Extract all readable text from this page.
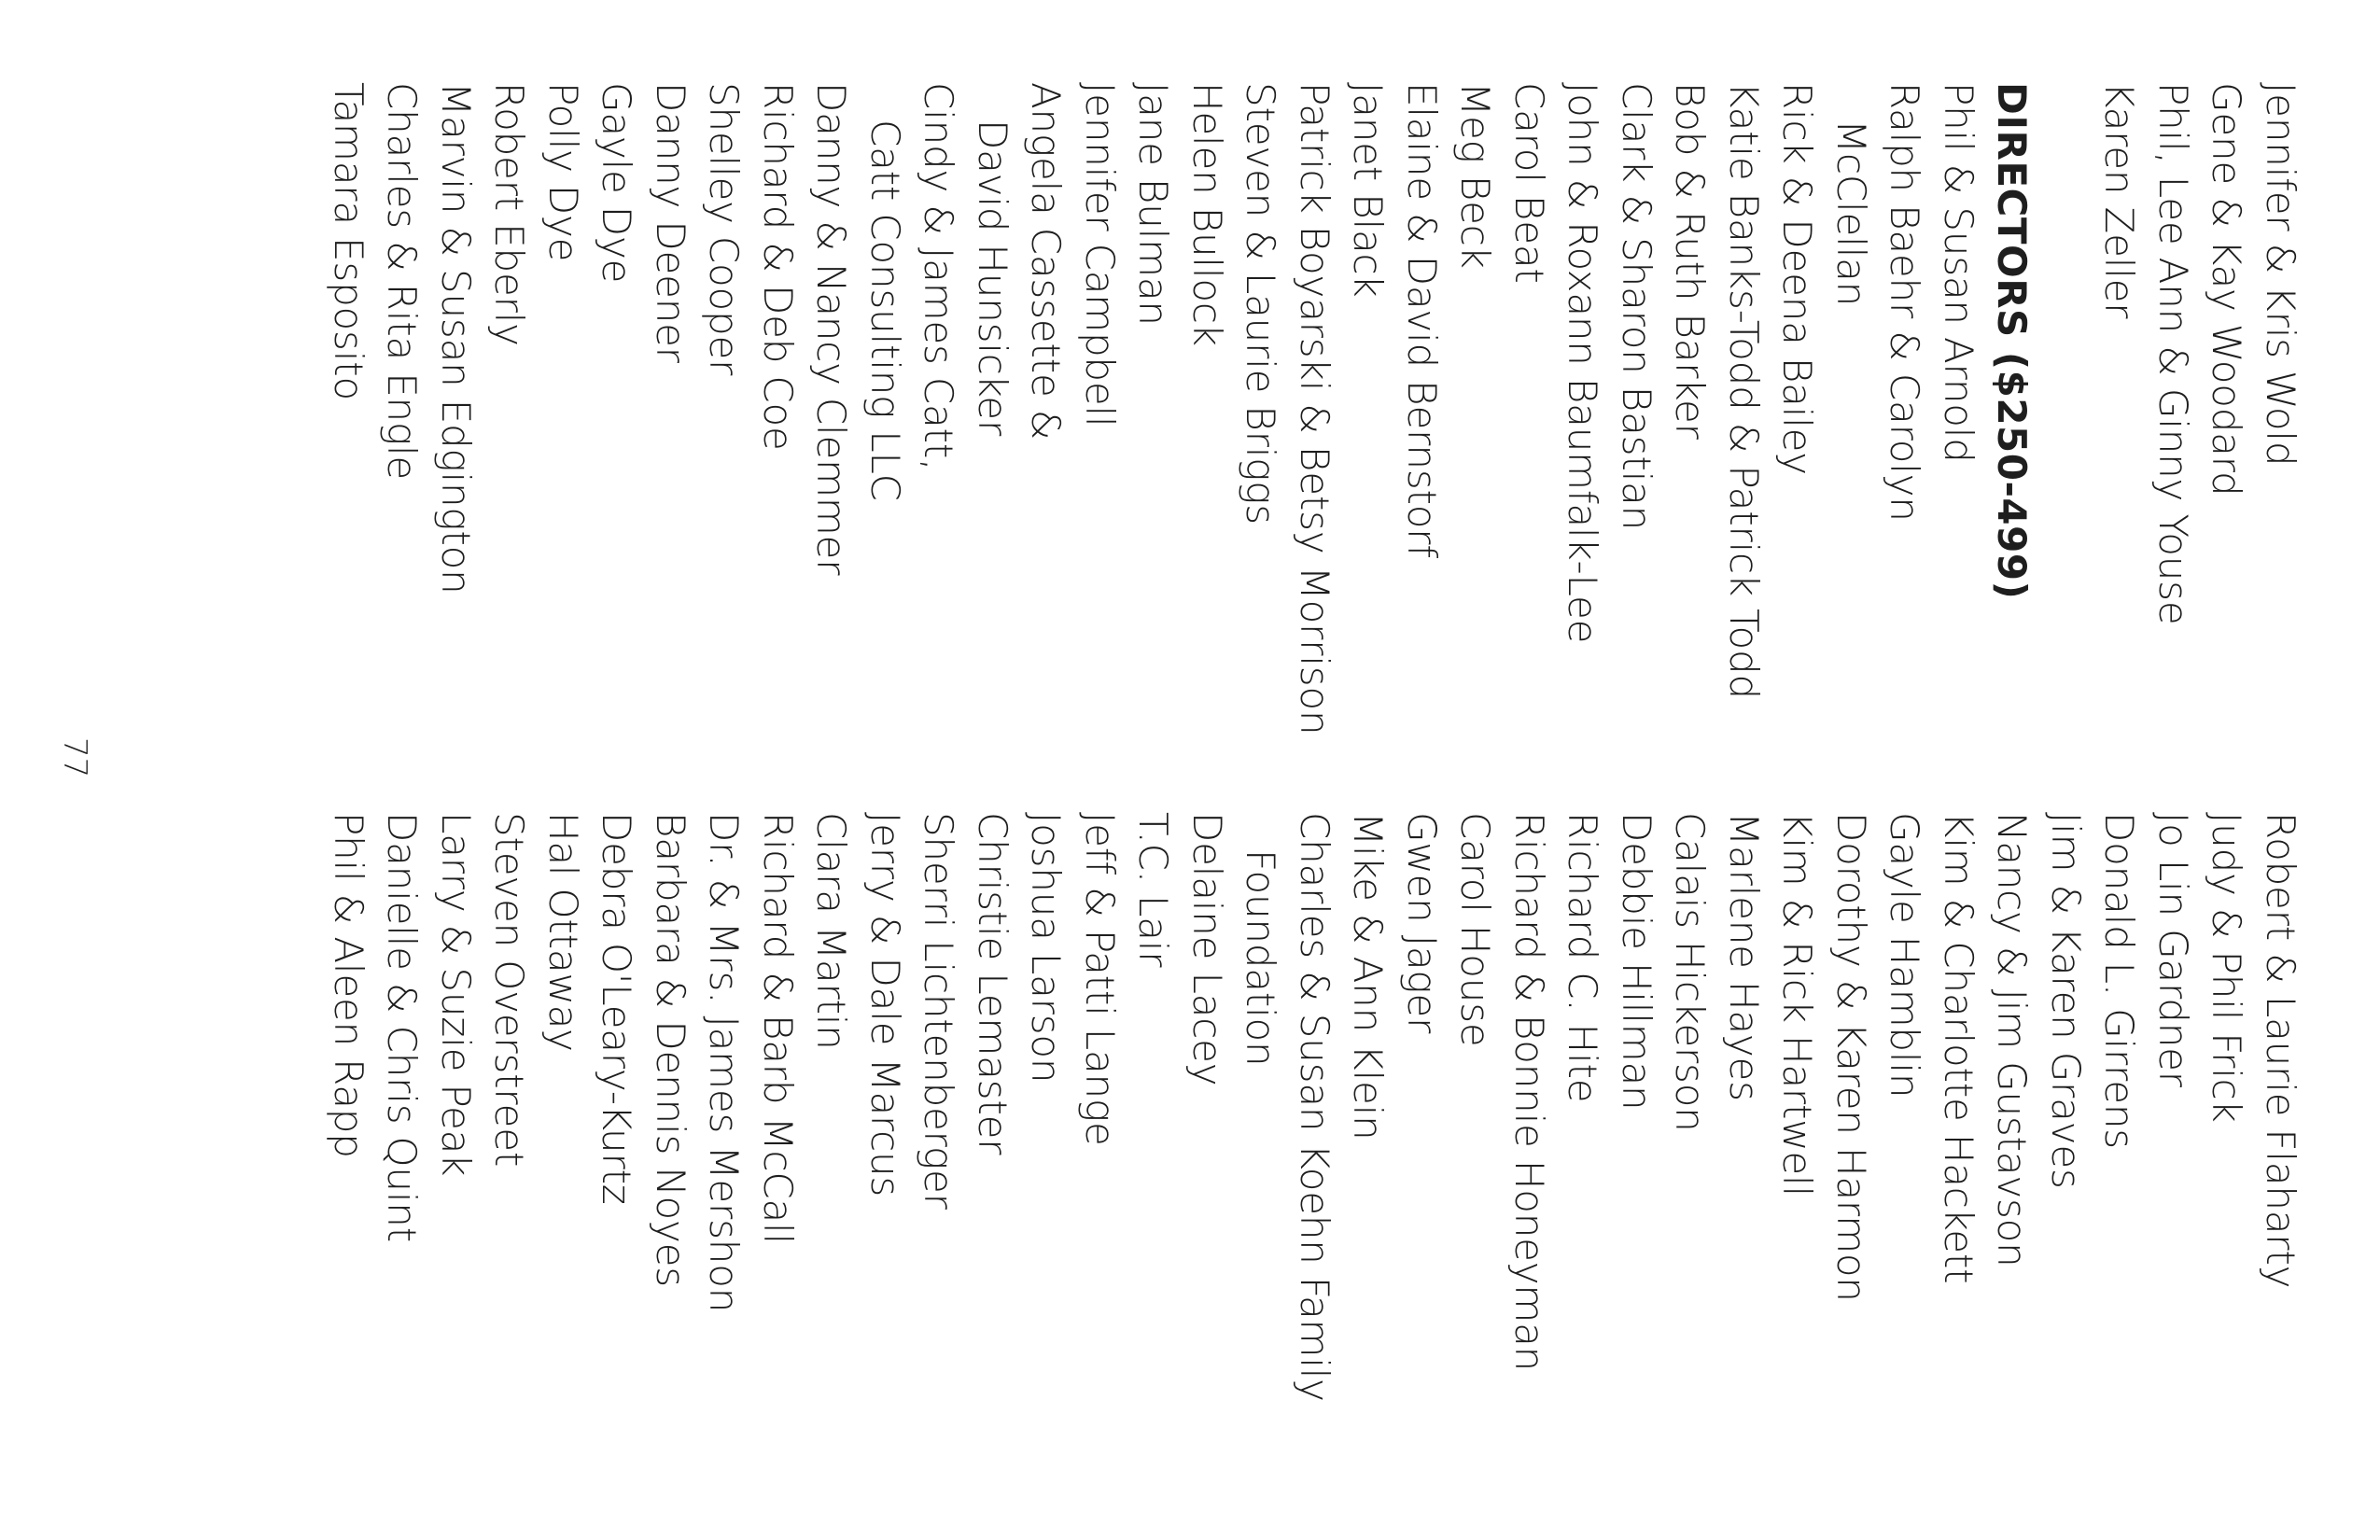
Jennifer & Kris Wold
Gene & Kay Woodard
Phil, Lee Ann & Ginny Youse
Karen Zeller
DIRECTORS ($250-499)
Phil & Susan Arnold
Ralph Baehr & Carolyn
McClellan
Rick & Deena Bailey
Katie Banks-Todd & Patrick Todd
Bob & Ruth Barker
Clark & Sharon Bastian
John & Roxann Baumfalk-Lee
Carol Beat
Meg Beck
Elaine & David Bernstorf
Janet Black
Patrick Boyarski & Betsy Morrison
Steven & Laurie Briggs
Helen Bullock
Jane Bulman
Jennifer Campbell
Angela Cassette &
David Hunsicker
Cindy & James Catt,
Catt Consulting LLC
Danny & Nancy Clemmer
Richard & Deb Coe
Shelley Cooper
Danny Deener
Gayle Dye
Polly Dye
Robert Eberly
Marvin & Susan Edgington
Charles & Rita Engle
Tamara Esposito
Robert & Laurie Flaharty
Judy & Phil Frick
Jo Lin Gardner
Donald L. Girrens
Jim & Karen Graves
Nancy & Jim Gustavson
Kim & Charlotte Hackett
Gayle Hamblin
Dorothy & Karen Harmon
Kim & Rick Hartwell
Marlene Hayes
Calais Hickerson
Debbie Hillman
Richard C. Hite
Richard & Bonnie Honeyman
Carol House
Gwen Jager
Mike & Ann Klein
Charles & Susan Koehn Family
Foundation
Delaine Lacey
T.C. Lair
Jeff & Patti Lange
Joshua Larson
Christie Lemaster
Sherri Lichtenberger
Jerry & Dale Marcus
Clara Martin
Richard & Barb McCall
Dr. & Mrs. James Mershon
Barbara & Dennis Noyes
Debra O'Leary-Kurtz
Hal Ottaway
Steven Overstreet
Larry & Suzie Peak
Danielle & Chris Quint
Phil & Aleen Rapp
77
